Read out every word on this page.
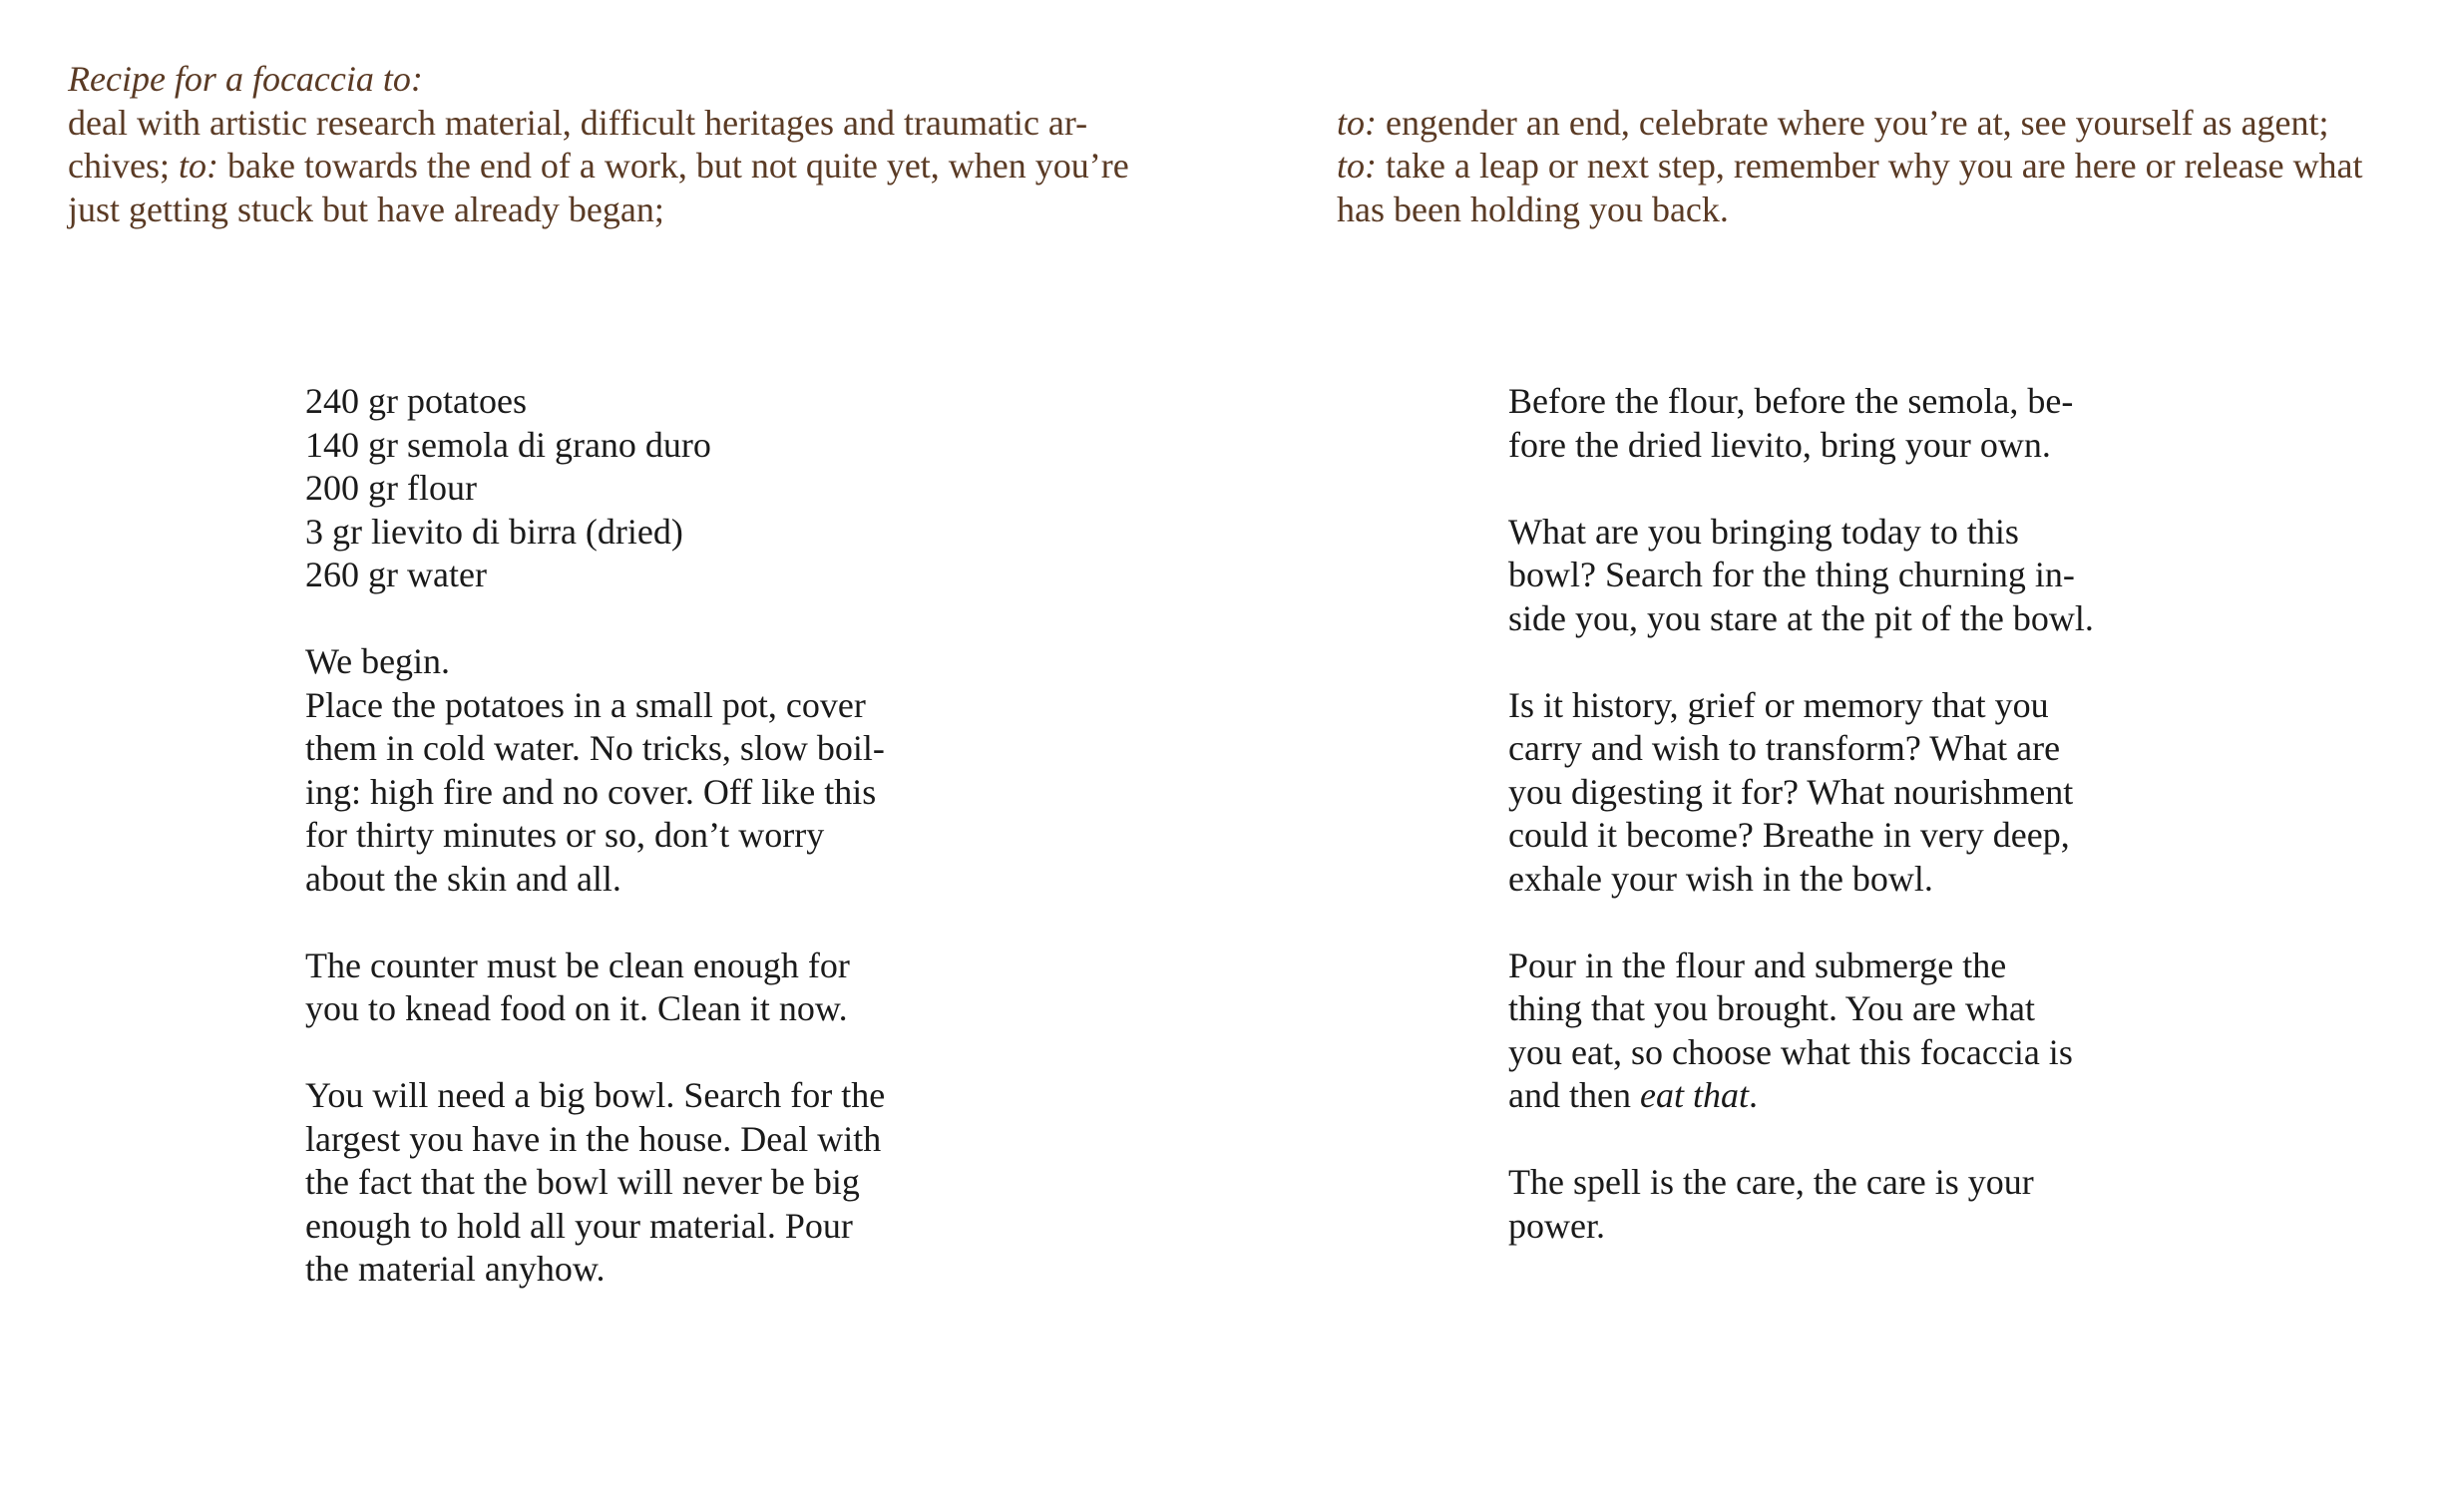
Recipe for a focaccia to:
deal with artistic research material, difficult heritages and traumatic ar-
chives; to: bake towards the end of a work, but not quite yet, when you’re
just getting stuck but have already began;
to: engender an end, celebrate where you’re at, see yourself as agent;
to: take a leap or next step, remember why you are here or release what
has been holding you back.
240 gr potatoes
140 gr semola di grano duro
200 gr flour
3 gr lievito di birra (dried)
260 gr water
We begin.
Place the potatoes in a small pot, cover
them in cold water. No tricks, slow boil-
ing: high fire and no cover. Off like this
for thirty minutes or so, don’t worry
about the skin and all.
The counter must be clean enough for
you to knead food on it. Clean it now.
You will need a big bowl. Search for the
largest you have in the house. Deal with
the fact that the bowl will never be big
enough to hold all your material. Pour
the material anyhow.
Before the flour, before the semola, be-
fore the dried lievito, bring your own.
What are you bringing today to this
bowl? Search for the thing churning in-
side you, you stare at the pit of the bowl.
Is it history, grief or memory that you
carry and wish to transform? What are
you digesting it for? What nourishment
could it become? Breathe in very deep,
exhale your wish in the bowl.
Pour in the flour and submerge the
thing that you brought. You are what
you eat, so choose what this focaccia is
and then eat that.
The spell is the care, the care is your
power.
